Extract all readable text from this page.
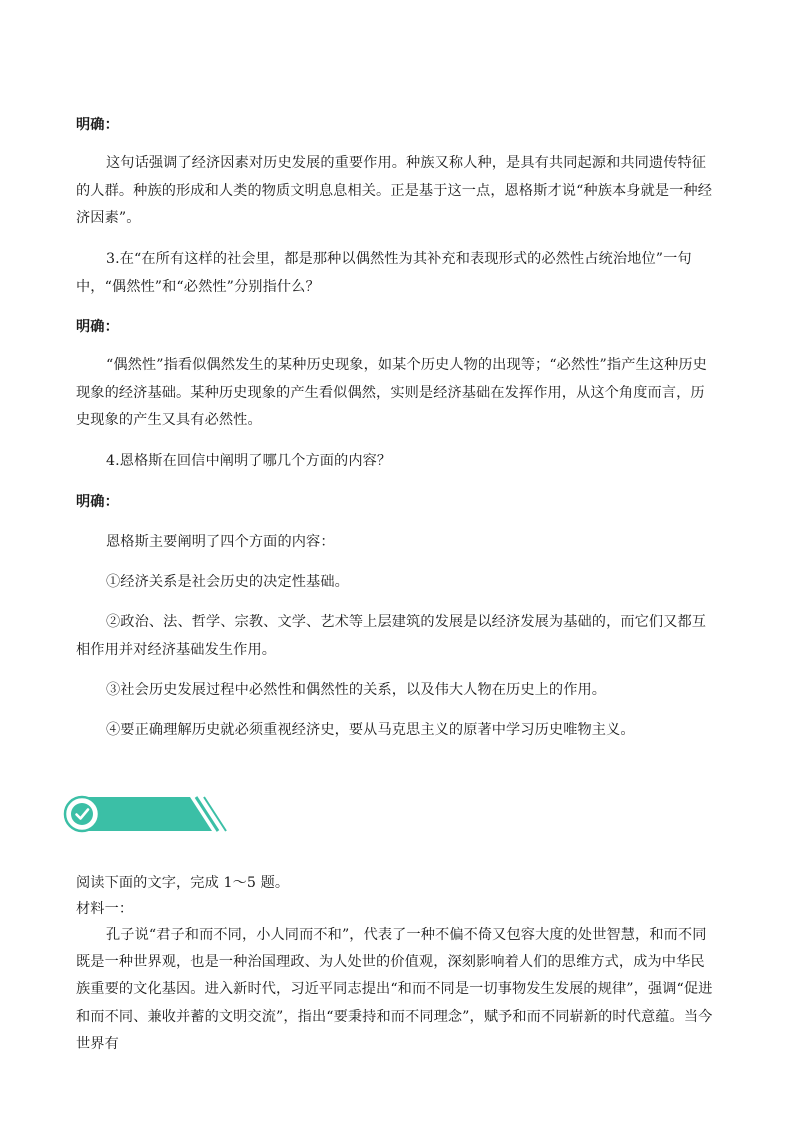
明确：

这句话强调了经济因素对历史发展的重要作用。种族又称人种，是具有共同起源和共同遗传特征的人群。种族的形成和人类的物质文明息息相关。正是基于这一点，恩格斯才说“种族本身就是一种经济因素”。

3.在“在所有这样的社会里，都是那种以偶然性为其补充和表现形式的必然性占统治地位”一句中，“偶然性”和“必然性”分别指什么？

明确：

“偶然性”指看似偶然发生的某种历史现象，如某个历史人物的出现等；“必然性”指产生这种历史现象的经济基础。某种历史现象的产生看似偶然，实则是经济基础在发挥作用，从这个角度而言，历史现象的产生又具有必然性。

4.恩格斯在回信中阐明了哪几个方面的内容？

明确：

恩格斯主要阐明了四个方面的内容：

①经济关系是社会历史的决定性基础。

②政治、法、哲学、宗教、文学、艺术等上层建筑的发展是以经济发展为基础的，而它们又都互相作用并对经济基础发生作用。

③社会历史发展过程中必然性和偶然性的关系，以及伟大人物在历史上的作用。

④要正确理解历史就必须重视经济史，要从马克思主义的原著中学习历史唯物主义。

阅读下面的文字，完成 1～5 题。

材料一：

孔子说“君子和而不同，小人同而不和”，代表了一种不偏不倚又包容大度的处世智慧，和而不同既是一种世界观，也是一种治国理政、为人处世的价值观，深刻影响着人们的思维方式，成为中华民族重要的文化基因。进入新时代，习近平同志提出“和而不同是一切事物发生发展的规律”，强调“促进和而不同、兼收并蓄的文明交流”，指出“要秉持和而不同理念”，赋予和而不同崭新的时代意蕴。当今世界有
